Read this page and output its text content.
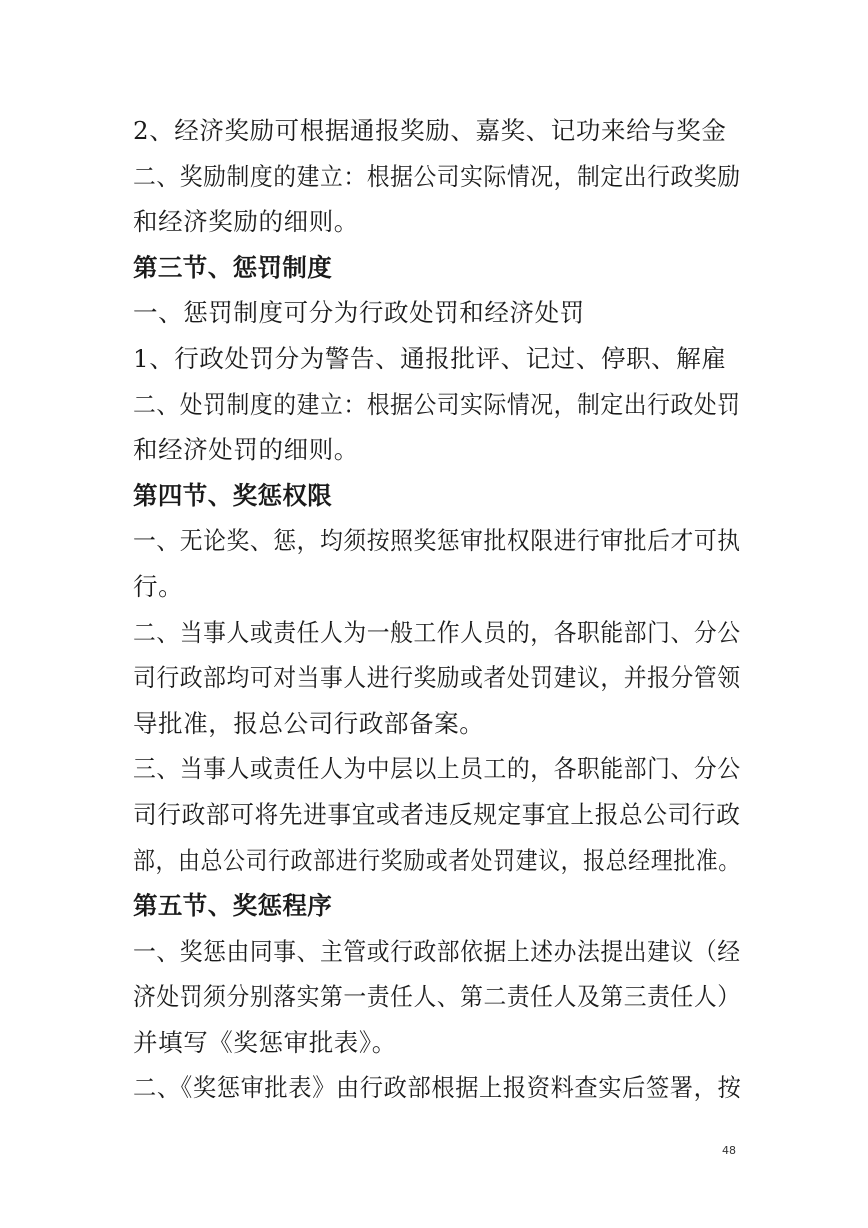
2、经济奖励可根据通报奖励、嘉奖、记功来给与奖金
二、奖励制度的建立：根据公司实际情况，制定出行政奖励
和经济奖励的细则。
第三节、惩罚制度
一、惩罚制度可分为行政处罚和经济处罚
1、行政处罚分为警告、通报批评、记过、停职、解雇
二、处罚制度的建立：根据公司实际情况，制定出行政处罚
和经济处罚的细则。
第四节、奖惩权限
一、无论奖、惩，均须按照奖惩审批权限进行审批后才可执
行。
二、当事人或责任人为一般工作人员的，各职能部门、分公
司行政部均可对当事人进行奖励或者处罚建议，并报分管领
导批准，报总公司行政部备案。
三、当事人或责任人为中层以上员工的，各职能部门、分公
司行政部可将先进事宜或者违反规定事宜上报总公司行政
部，由总公司行政部进行奖励或者处罚建议，报总经理批准。
第五节、奖惩程序
一、奖惩由同事、主管或行政部依据上述办法提出建议（经
济处罚须分别落实第一责任人、第二责任人及第三责任人）
并填写《奖惩审批表》。
二、《奖惩审批表》由行政部根据上报资料查实后签署，按
48
